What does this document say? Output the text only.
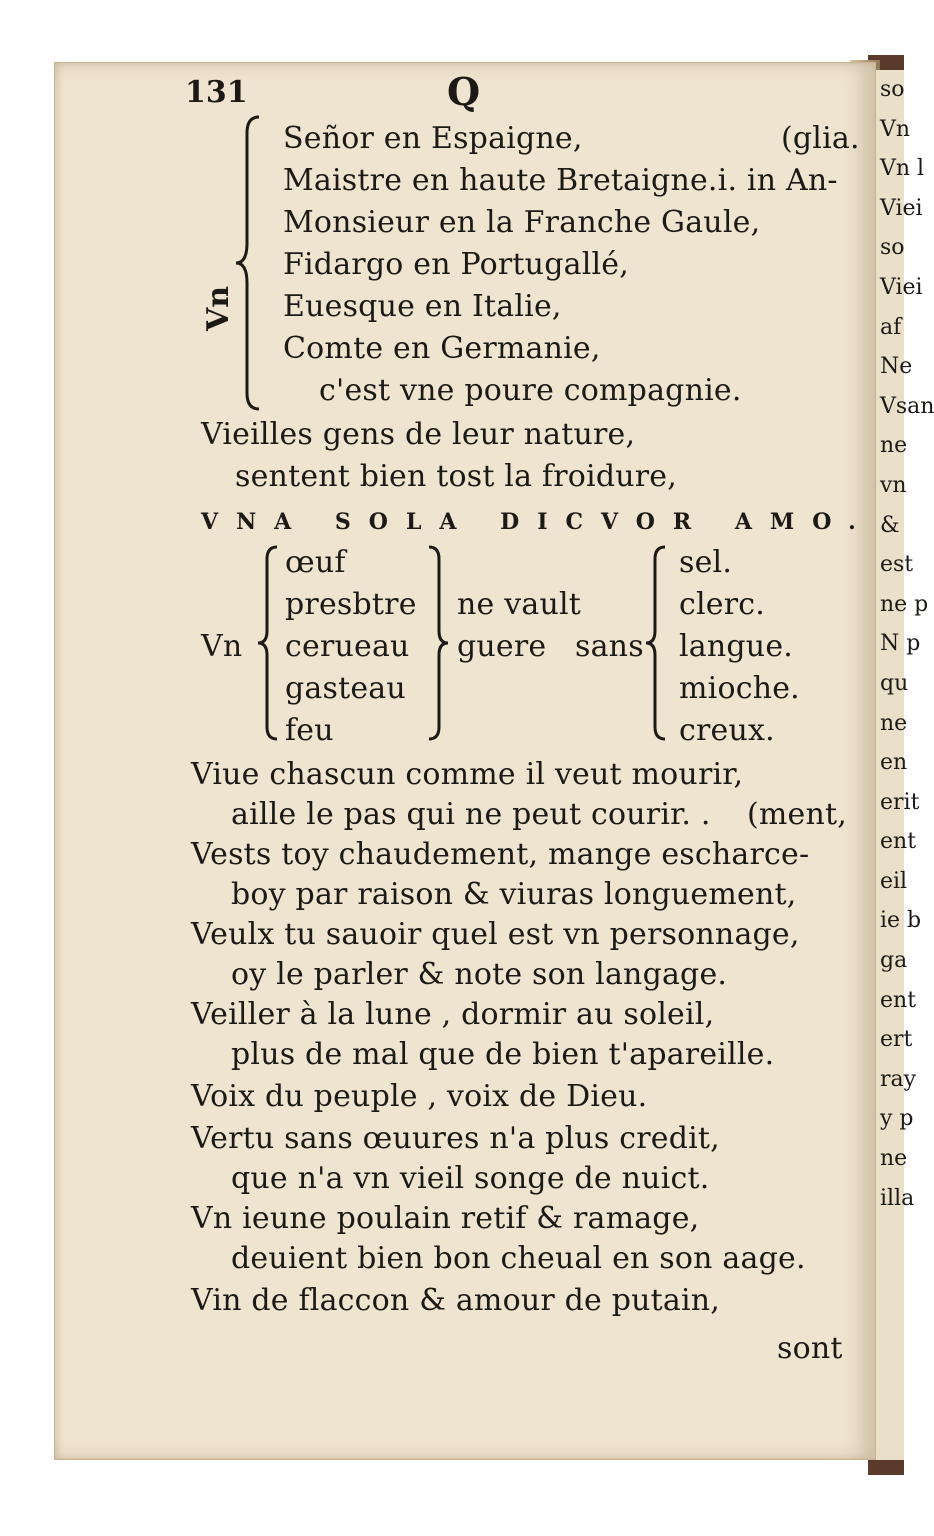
so
Vn
Vn l
Viei
so
Viei
af
Ne
Vsan
ne
vn
&
est
ne p
N p
qu
ne
en
erit
ent
eil
ie b
ga
ent
ert
ray
y p
ne
illa
131	Q
Vn
Señor en Espaigne,	(glia.
Maistre en haute Bretaigne.i. in An-
Monsieur en la Franche Gaule,
Fidargo en Portugallé,
Euesque en Italie,
Comte en Germanie,
c'est vne poure compagnie.
Vieilles gens de leur nature,
sentent bien tost la froidure,
VNA SOLA DICVOR AMO.
Vn
œuf
presbtre
cerueau
gasteau
feu
ne vault
guere sans
sel.
clerc.
langue.
mioche.
creux.
Viue chascun comme il veut mourir,
aille le pas qui ne peut courir. . (ment,
Vests toy chaudement, mange escharce-
boy par raison & viuras longuement,
Veulx tu sauoir quel est vn personnage,
oy le parler & note son langage.
Veiller à la lune , dormir au soleil,
plus de mal que de bien t'apareille.
Voix du peuple , voix de Dieu.
Vertu sans œuures n'a plus credit,
que n'a vn vieil songe de nuict.
Vn ieune poulain retif & ramage,
deuient bien bon cheual en son aage.
Vin de flaccon & amour de putain,
sont
